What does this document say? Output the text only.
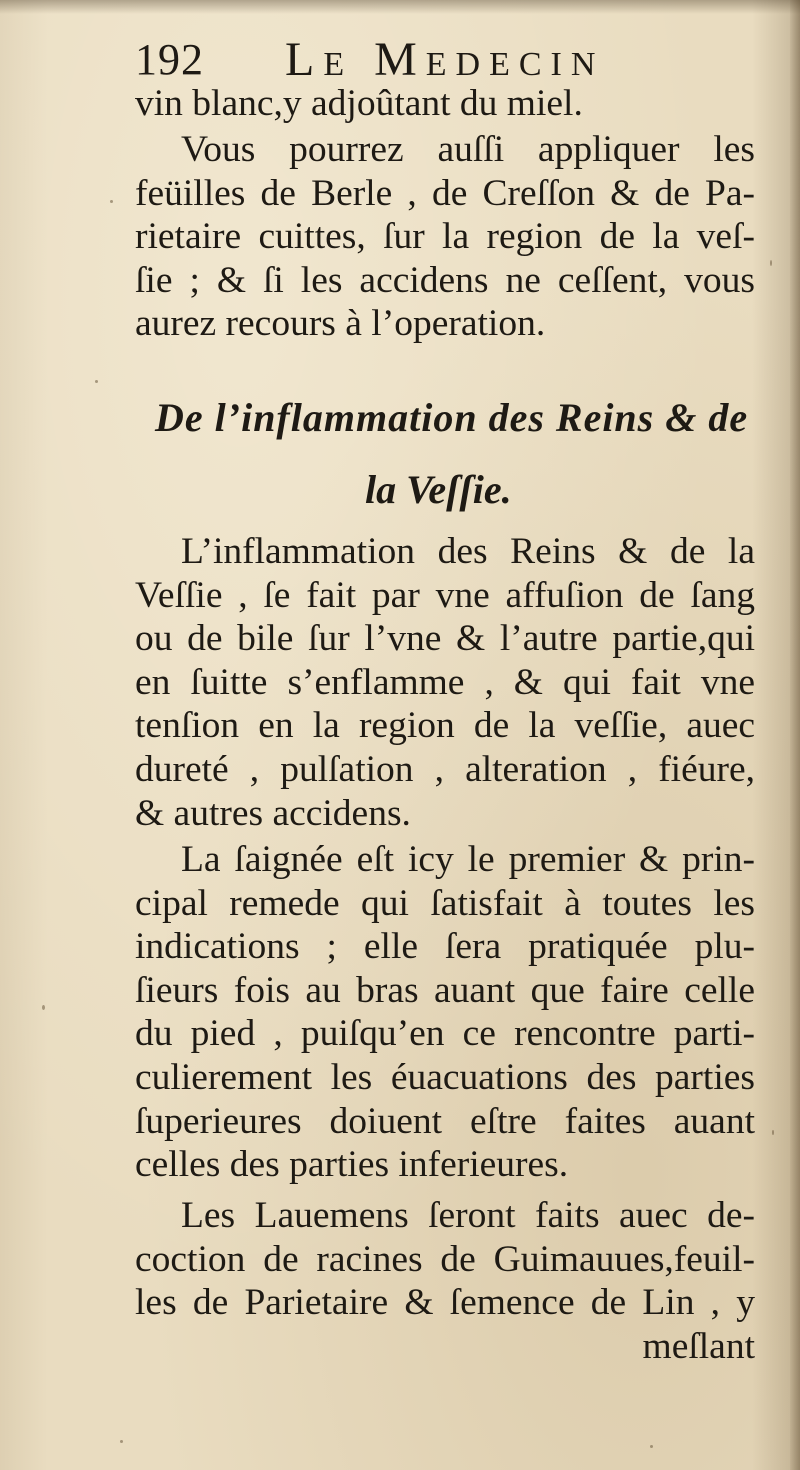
192 Le Medecin
vin blanc,y adjoûtant du miel.
Vous pourrez auſſi appliquer les
feüilles de Berle , de Creſſon & de Pa-
rietaire cuittes, ſur la region de la veſ-
ſie ; & ſi les accidens ne ceſſent, vous
aurez recours à l’operation.
De l’inflammation des Reins & de
la Veſſie.
L’inflammation des Reins & de la
Veſſie , ſe fait par vne affuſion de ſang
ou de bile ſur l’vne & l’autre partie,qui
en ſuitte s’enflamme , & qui fait vne
tenſion en la region de la veſſie, auec
dureté , pulſation , alteration , fiéure,
& autres accidens.
La ſaignée eſt icy le premier & prin-
cipal remede qui ſatisfait à toutes les
indications ; elle ſera pratiquée plu-
ſieurs fois au bras auant que faire celle
du pied , puiſqu’en ce rencontre parti-
culierement les éuacuations des parties
ſuperieures doiuent eſtre faites auant
celles des parties inferieures.
Les Lauemens ſeront faits auec de-
coction de racines de Guimauues,feuil-
les de Parietaire & ſemence de Lin , y
meſlant
